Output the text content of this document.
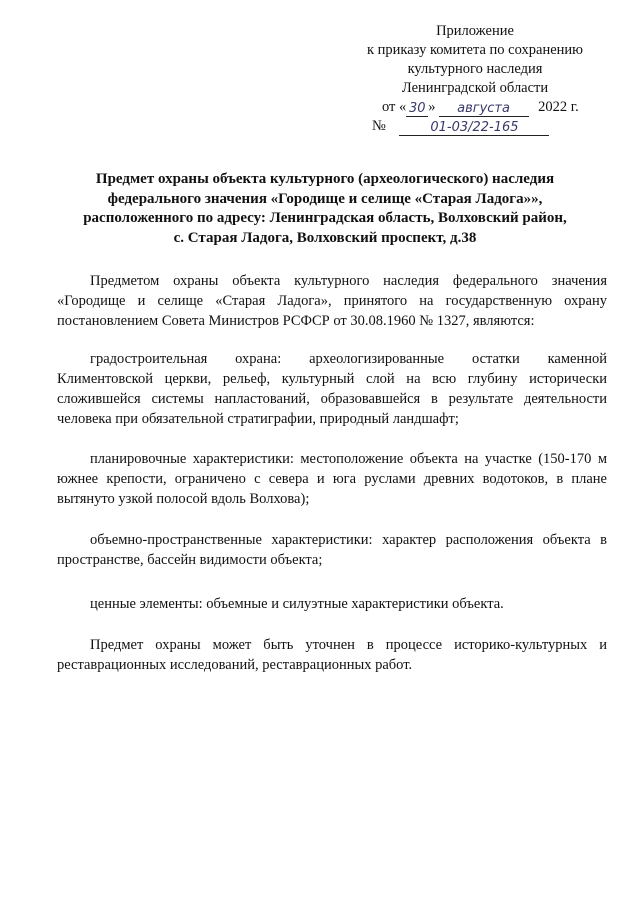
Приложение
к приказу комитета по сохранению
культурного наследия
Ленинградской области
от « 30 » августа 2022 г.
№	01-03/22-165
Предмет охраны объекта культурного (археологического) наследия
федерального значения «Городище и селище «Старая Ладога»»,
расположенного по адресу: Ленинградская область, Волховский район,
с. Старая Ладога, Волховский проспект, д.38

Предметом охраны объекта культурного наследия федерального значения «Городище и селище «Старая Ладога», принятого на государственную охрану постановлением Совета Министров РСФСР от 30.08.1960 № 1327, являются:

градостроительная охрана: археологизированные остатки каменной Климентовской церкви, рельеф, культурный слой на всю глубину исторически сложившейся системы напластований, образовавшейся в результате деятельности человека при обязательной стратиграфии, природный ландшафт;

планировочные характеристики: местоположение объекта на участке (150-170 м южнее крепости, ограничено с севера и юга руслами древних водотоков, в плане вытянуто узкой полосой вдоль Волхова);

объемно-пространственные характеристики: характер расположения объекта в пространстве, бассейн видимости объекта;

ценные элементы: объемные и силуэтные характеристики объекта.

Предмет охраны может быть уточнен в процессе историко-культурных и реставрационных исследований, реставрационных работ.
